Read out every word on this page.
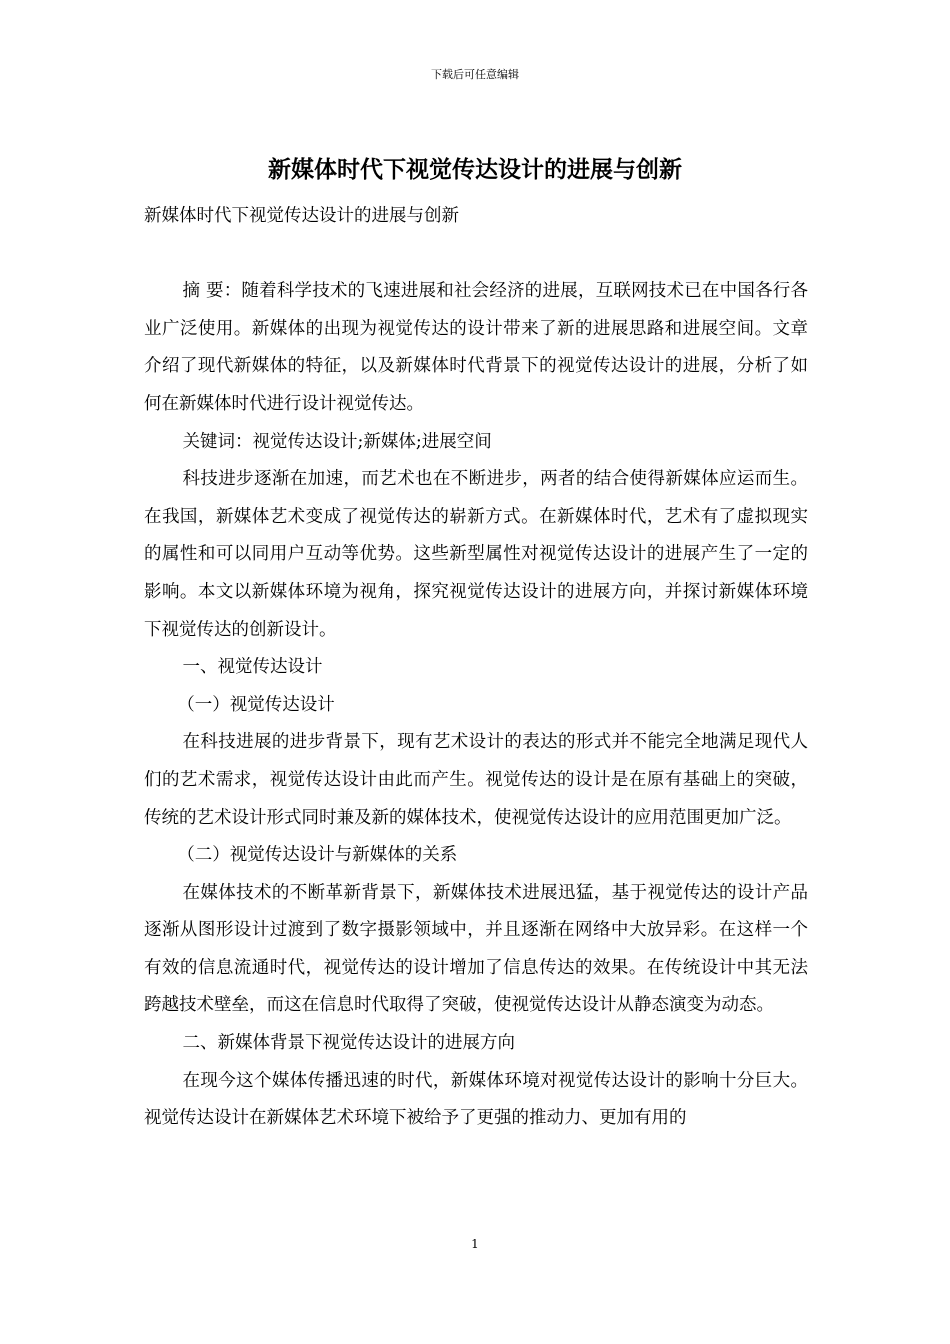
下载后可任意编辑
新媒体时代下视觉传达设计的进展与创新

新媒体时代下视觉传达设计的进展与创新

摘 要：随着科学技术的飞速进展和社会经济的进展，互联网技术已在中国各行各业广泛使用。新媒体的出现为视觉传达的设计带来了新的进展思路和进展空间。文章介绍了现代新媒体的特征，以及新媒体时代背景下的视觉传达设计的进展，分析了如何在新媒体时代进行设计视觉传达。

关键词：视觉传达设计;新媒体;进展空间

科技进步逐渐在加速，而艺术也在不断进步，两者的结合使得新媒体应运而生。在我国，新媒体艺术变成了视觉传达的崭新方式。在新媒体时代，艺术有了虚拟现实的属性和可以同用户互动等优势。这些新型属性对视觉传达设计的进展产生了一定的影响。本文以新媒体环境为视角，探究视觉传达设计的进展方向，并探讨新媒体环境下视觉传达的创新设计。

一、视觉传达设计

（一）视觉传达设计

在科技进展的进步背景下，现有艺术设计的表达的形式并不能完全地满足现代人们的艺术需求，视觉传达设计由此而产生。视觉传达的设计是在原有基础上的突破，传统的艺术设计形式同时兼及新的媒体技术，使视觉传达设计的应用范围更加广泛。

（二）视觉传达设计与新媒体的关系

在媒体技术的不断革新背景下，新媒体技术进展迅猛，基于视觉传达的设计产品逐渐从图形设计过渡到了数字摄影领域中，并且逐渐在网络中大放异彩。在这样一个有效的信息流通时代，视觉传达的设计增加了信息传达的效果。在传统设计中其无法跨越技术壁垒，而这在信息时代取得了突破，使视觉传达设计从静态演变为动态。

二、新媒体背景下视觉传达设计的进展方向

在现今这个媒体传播迅速的时代，新媒体环境对视觉传达设计的影响十分巨大。视觉传达设计在新媒体艺术环境下被给予了更强的推动力、更加有用的

1
